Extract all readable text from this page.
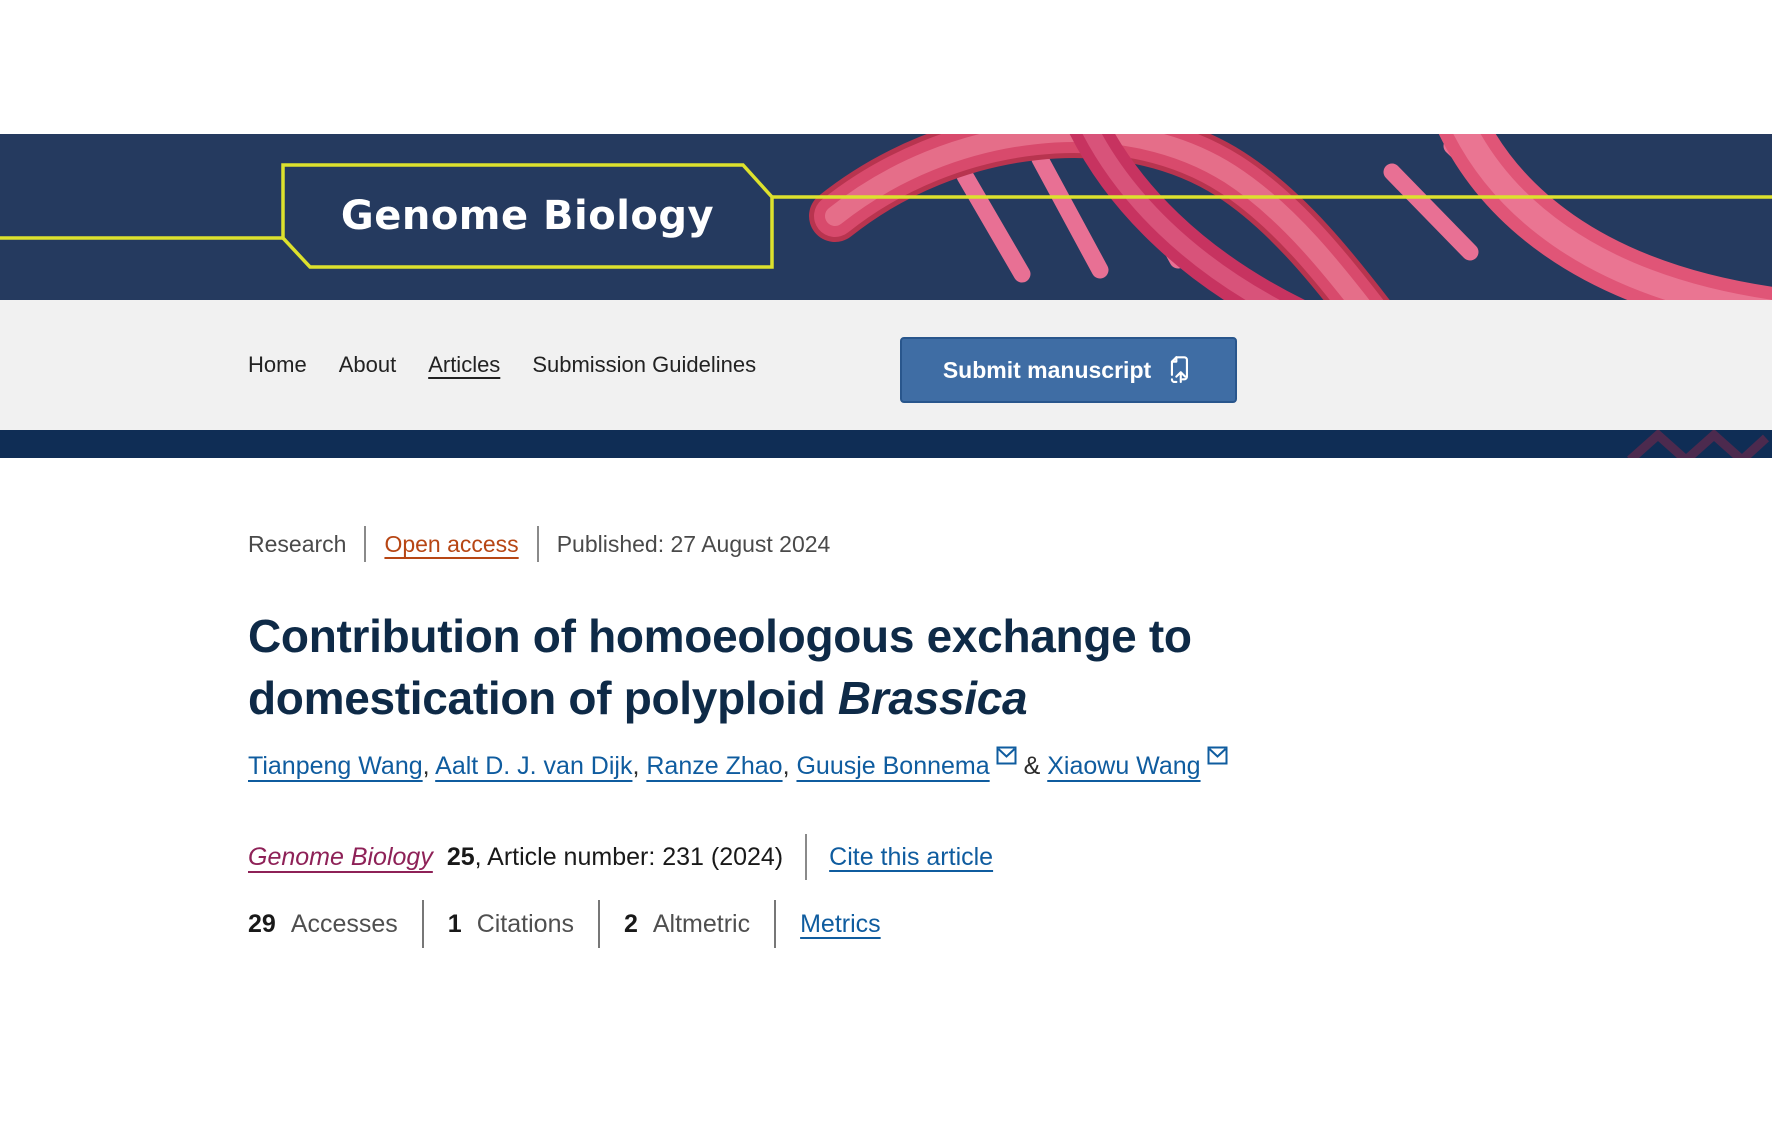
Genome Biology
Home About Articles Submission Guidelines	Submit manuscript
Research Open access Published: 27 August 2024
Contribution of homoeologous exchange to
domestication of polyploid Brassica
Tianpeng Wang, Aalt D. J. van Dijk, Ranze Zhao, Guusje Bonnema & Xiaowu Wang
Genome Biology 25 , Article number: 231 (2024) Cite this article
29 Accesses 1 Citations 2 Altmetric Metrics
